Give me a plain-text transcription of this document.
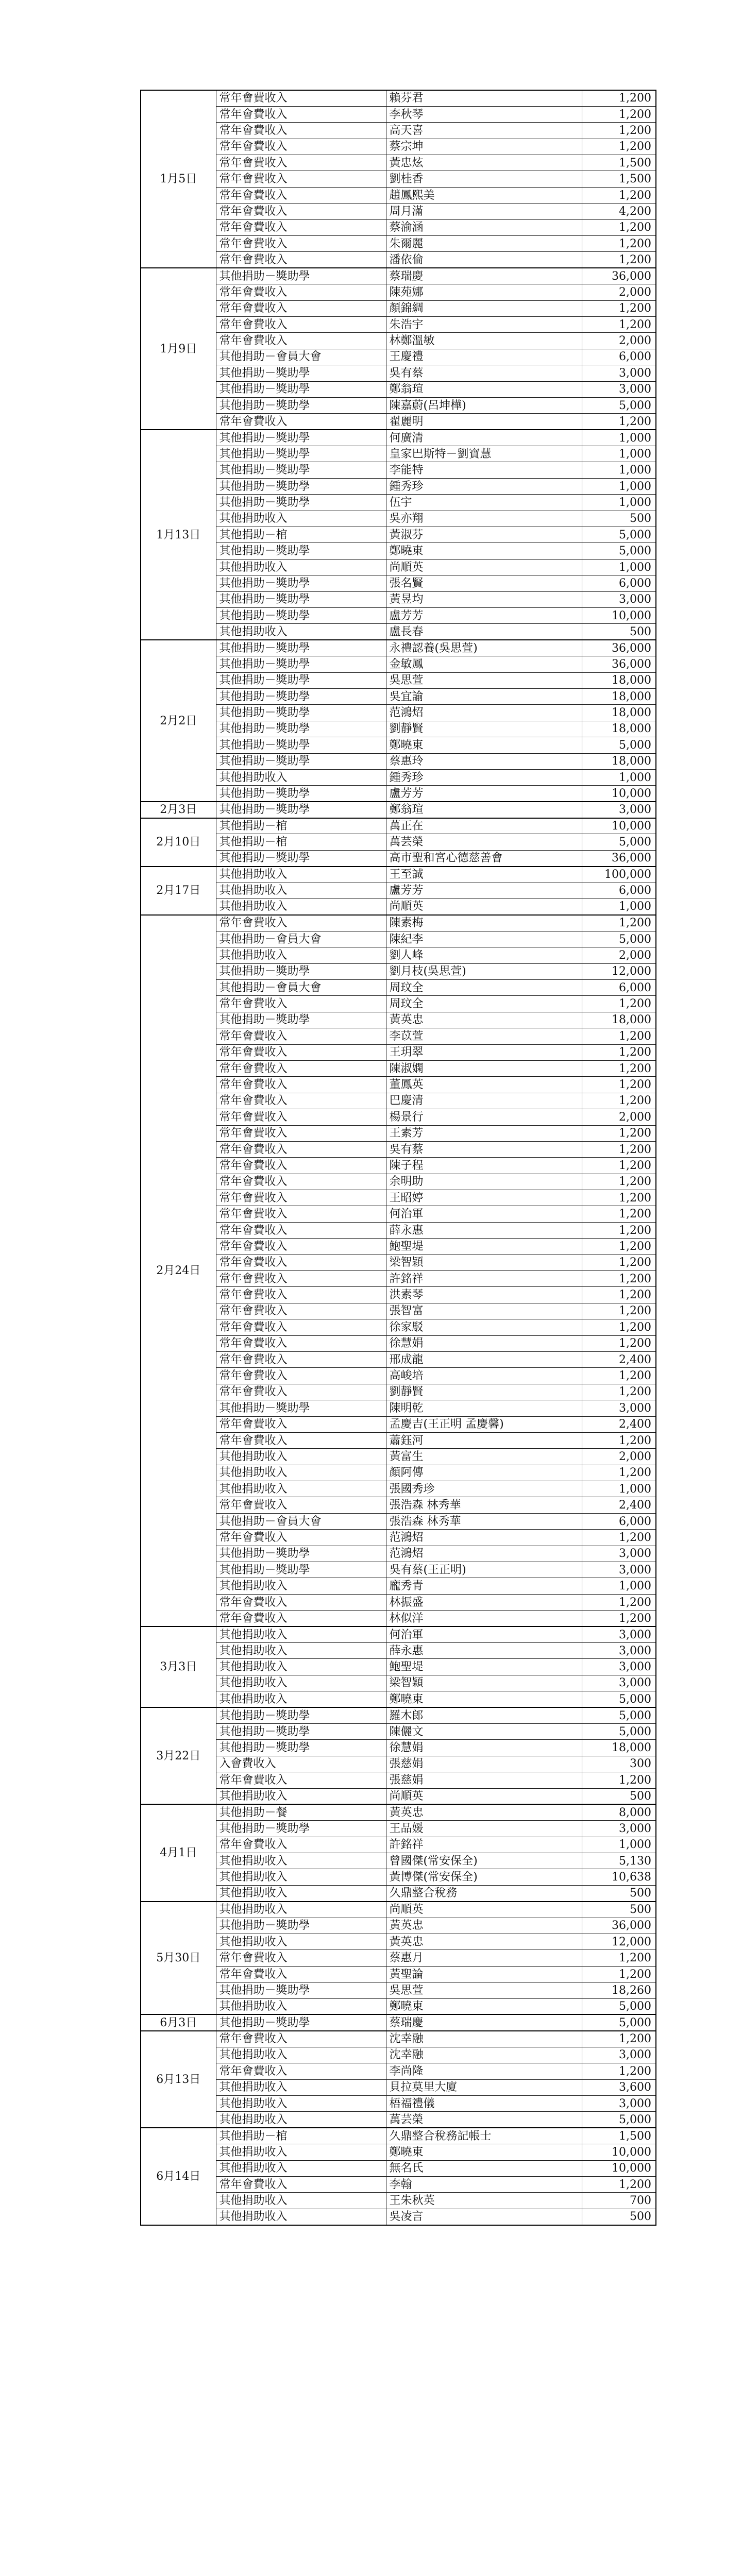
1月5日	常年會費收入	賴芬君	1,200
	常年會費收入	李秋琴	1,200
	常年會費收入	高天喜	1,200
	常年會費收入	蔡宗坤	1,200
	常年會費收入	黃忠炫	1,500
	常年會費收入	劉桂香	1,500
	常年會費收入	趙鳳熙美	1,200
	常年會費收入	周月滿	4,200
	常年會費收入	蔡渝涵	1,200
	常年會費收入	朱爾麗	1,200
	常年會費收入	潘依倫	1,200
1月9日	其他捐助－獎助學	蔡瑞慶	36,000
	常年會費收入	陳苑娜	2,000
	常年會費收入	顏錦綢	1,200
	常年會費收入	朱浩宇	1,200
	常年會費收入	林鄭溫敏	2,000
	其他捐助－會員大會	王慶禮	6,000
	其他捐助－獎助學	吳有蔡	3,000
	其他捐助－獎助學	鄭翁瑄	3,000
	其他捐助－獎助學	陳嘉蔚(呂坤樺)	5,000
	常年會費收入	翟麗明	1,200
1月13日	其他捐助－獎助學	何廣清	1,000
	其他捐助－獎助學	皇家巴斯特－劉寶慧	1,000
	其他捐助－獎助學	李能特	1,000
	其他捐助－獎助學	鍾秀珍	1,000
	其他捐助－獎助學	伍宇	1,000
	其他捐助收入	吳亦翔	500
	其他捐助－棺	黃淑芬	5,000
	其他捐助－獎助學	鄭曉東	5,000
	其他捐助收入	尚順英	1,000
	其他捐助－獎助學	張名賢	6,000
	其他捐助－獎助學	黃昱均	3,000
	其他捐助－獎助學	盧芳芳	10,000
	其他捐助收入	盧長春	500
2月2日	其他捐助－獎助學	永禮認養(吳思萱)	36,000
	其他捐助－獎助學	金敏鳳	36,000
	其他捐助－獎助學	吳思萱	18,000
	其他捐助－獎助學	吳宜諭	18,000
	其他捐助－獎助學	范鴻炤	18,000
	其他捐助－獎助學	劉靜賢	18,000
	其他捐助－獎助學	鄭曉東	5,000
	其他捐助－獎助學	蔡惠玲	18,000
	其他捐助收入	鍾秀珍	1,000
	其他捐助－獎助學	盧芳芳	10,000
2月3日	其他捐助－獎助學	鄭翁瑄	3,000
2月10日	其他捐助－棺	萬正在	10,000
	其他捐助－棺	萬芸榮	5,000
	其他捐助－獎助學	高市聖和宮心德慈善會	36,000
2月17日	其他捐助收入	王至誠	100,000
	其他捐助收入	盧芳芳	6,000
	其他捐助收入	尚順英	1,000
2月24日	常年會費收入	陳素梅	1,200
	其他捐助－會員大會	陳紀李	5,000
	其他捐助收入	劉人峰	2,000
	其他捐助－獎助學	劉月枝(吳思萱)	12,000
	其他捐助－會員大會	周玟全	6,000
	常年會費收入	周玟全	1,200
	其他捐助－獎助學	黃英忠	18,000
	常年會費收入	李苡萱	1,200
	常年會費收入	王玥翠	1,200
	常年會費收入	陳淑嫻	1,200
	常年會費收入	董鳳英	1,200
	常年會費收入	巴慶清	1,200
	常年會費收入	楊景行	2,000
	常年會費收入	王素芳	1,200
	常年會費收入	吳有蔡	1,200
	常年會費收入	陳子程	1,200
	常年會費收入	余明助	1,200
	常年會費收入	王昭婷	1,200
	常年會費收入	何治軍	1,200
	常年會費收入	薛永惠	1,200
	常年會費收入	鮑聖堤	1,200
	常年會費收入	梁智穎	1,200
	常年會費收入	許銘祥	1,200
	常年會費收入	洪素琴	1,200
	常年會費收入	張智富	1,200
	常年會費收入	徐家駁	1,200
	常年會費收入	徐慧娟	1,200
	常年會費收入	邢成龍	2,400
	常年會費收入	高峻培	1,200
	常年會費收入	劉靜賢	1,200
	其他捐助－獎助學	陳明乾	3,000
	常年會費收入	孟慶吉(王正明 孟慶馨)	2,400
	常年會費收入	蕭鈺河	1,200
	其他捐助收入	黃富生	2,000
	其他捐助收入	顏阿傳	1,200
	其他捐助收入	張國秀珍	1,000
	常年會費收入	張浩森 林秀華	2,400
	其他捐助－會員大會	張浩森 林秀華	6,000
	常年會費收入	范鴻炤	1,200
	其他捐助－獎助學	范鴻炤	3,000
	其他捐助－獎助學	吳有蔡(王正明)	3,000
	其他捐助收入	龐秀青	1,000
	常年會費收入	林振盛	1,200
	常年會費收入	林似洋	1,200
3月3日	其他捐助收入	何治軍	3,000
	其他捐助收入	薛永惠	3,000
	其他捐助收入	鮑聖堤	3,000
	其他捐助收入	梁智穎	3,000
	其他捐助收入	鄭曉東	5,000
3月22日	其他捐助－獎助學	羅木郎	5,000
	其他捐助－獎助學	陳儷文	5,000
	其他捐助－獎助學	徐慧娟	18,000
	入會費收入	張慈娟	300
	常年會費收入	張慈娟	1,200
	其他捐助收入	尚順英	500
4月1日	其他捐助－餐	黃英忠	8,000
	其他捐助－獎助學	王品媛	3,000
	常年會費收入	許銘祥	1,000
	其他捐助收入	曾國傑(常安保全)	5,130
	其他捐助收入	黃博傑(常安保全)	10,638
	其他捐助收入	久鼎整合稅務	500
5月30日	其他捐助收入	尚順英	500
	其他捐助－獎助學	黃英忠	36,000
	其他捐助收入	黃英忠	12,000
	常年會費收入	蔡惠月	1,200
	常年會費收入	黃聖論	1,200
	其他捐助－獎助學	吳思萱	18,260
	其他捐助收入	鄭曉東	5,000
6月3日	其他捐助－獎助學	蔡瑞慶	5,000
6月13日	常年會費收入	沈幸融	1,200
	其他捐助收入	沈幸融	3,000
	常年會費收入	李尚隆	1,200
	其他捐助收入	貝拉莫里大廈	3,600
	其他捐助收入	梧福禮儀	3,000
	其他捐助收入	萬芸榮	5,000
6月14日	其他捐助－棺	久鼎整合稅務記帳士	1,500
	其他捐助收入	鄭曉東	10,000
	其他捐助收入	無名氏	10,000
	常年會費收入	李翰	1,200
	其他捐助收入	王朱秋英	700
	其他捐助收入	吳凌言	500
